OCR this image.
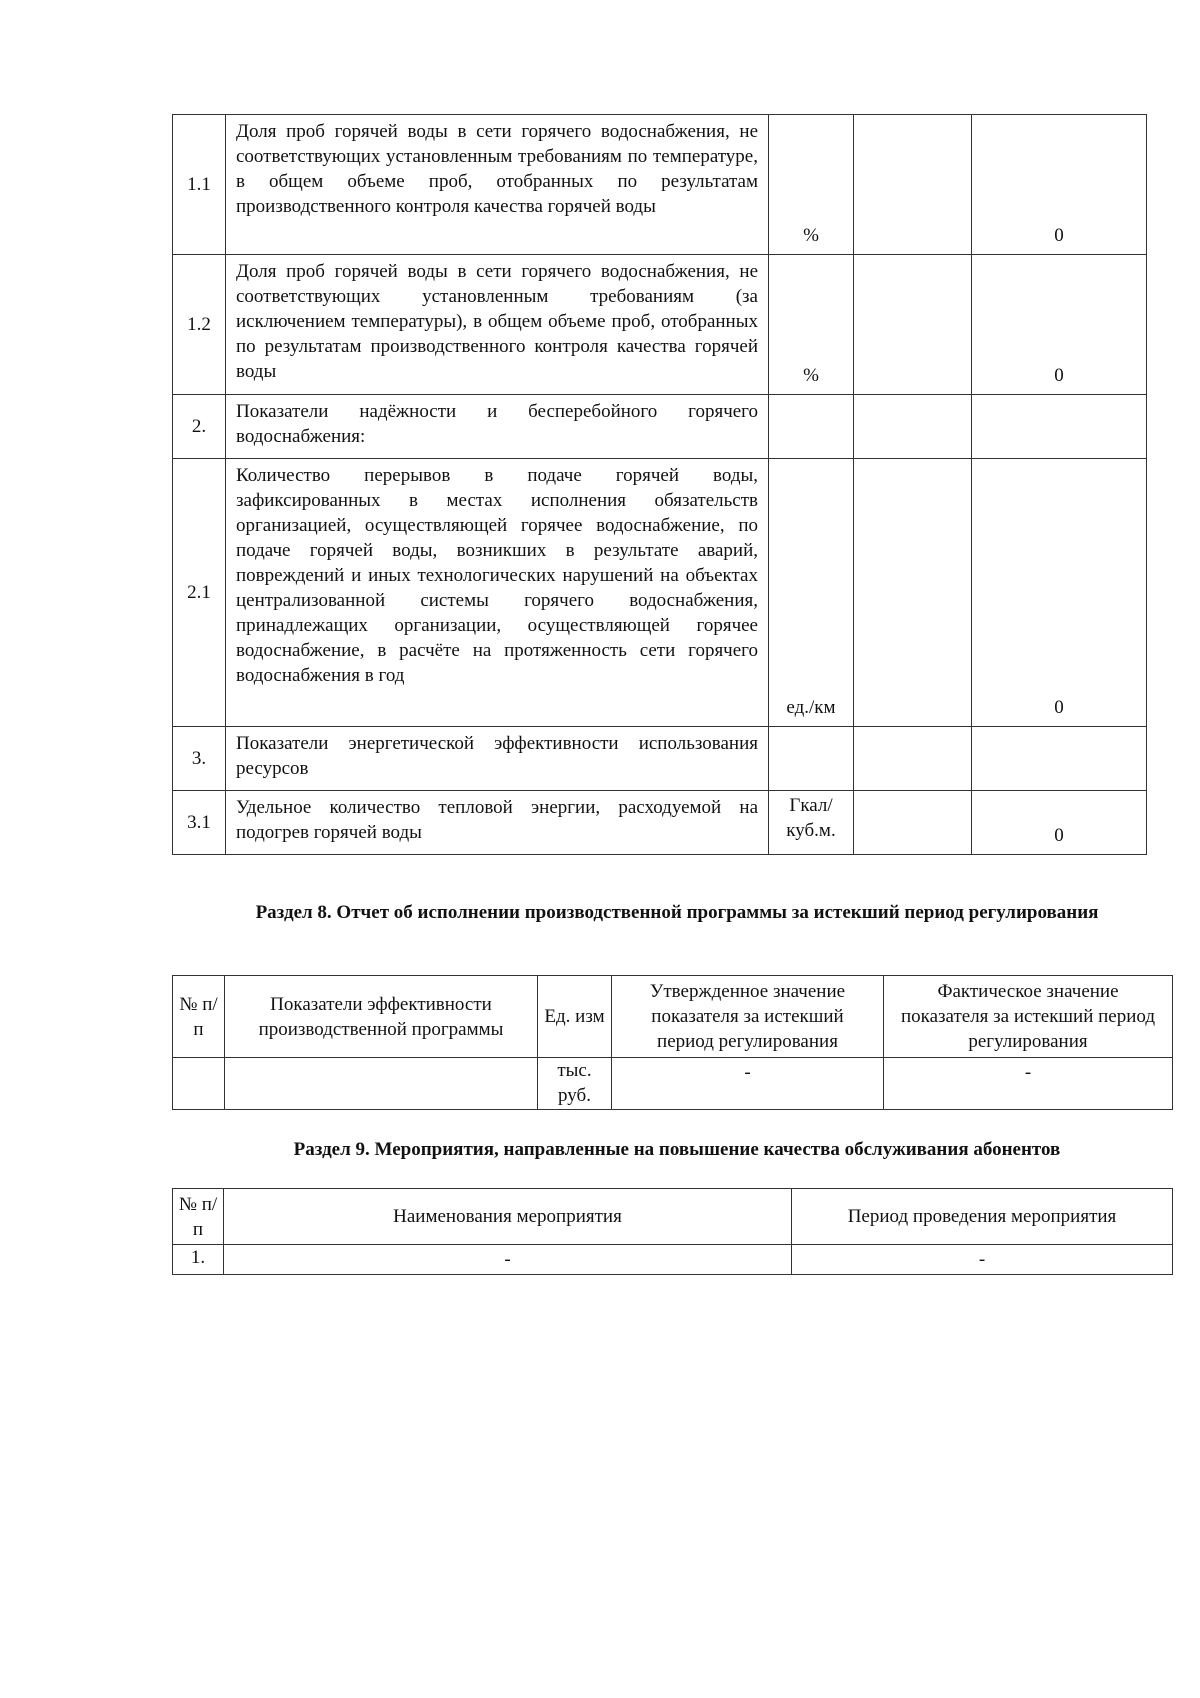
1.1	Доля проб горячей воды в сети горячего водоснабжения, не соответствующих установленным требованиям по температуре, в общем объеме проб, отобранных по результатам производственного контроля качества горячей воды	%		0
1.2	Доля проб горячей воды в сети горячего водоснабжения, не соответствующих установленным требованиям (за исключением температуры), в общем объеме проб, отобранных по результатам производственного контроля качества горячей воды	%		0
2.	Показатели надёжности и бесперебойного горячего водоснабжения:			
2.1	Количество перерывов в подаче горячей воды, зафиксированных в местах исполнения обязательств организацией, осуществляющей горячее водоснабжение, по подаче горячей воды, возникших в результате аварий, повреждений и иных технологических нарушений на объектах централизованной системы горячего водоснабжения, принадлежащих организации, осуществляющей горячее водоснабжение, в расчёте на протяженность сети горячего водоснабжения в год	ед./км		0
3.	Показатели энергетической эффективности использования ресурсов			
3.1	Удельное количество тепловой энергии, расходуемой на подогрев горячей воды	Гкал/ куб.м.		0

Раздел 8. Отчет об исполнении производственной программы за истекший период регулирования

№ п/п	Показатели эффективности производственной программы	Ед. изм	Утвержденное значение показателя за истекший период регулирования	Фактическое значение показателя за истекший период регулирования
		тыс. руб.	-	-

Раздел 9. Мероприятия, направленные на повышение качества обслуживания абонентов

№ п/п	Наименования мероприятия	Период проведения мероприятия
1.	-	-
